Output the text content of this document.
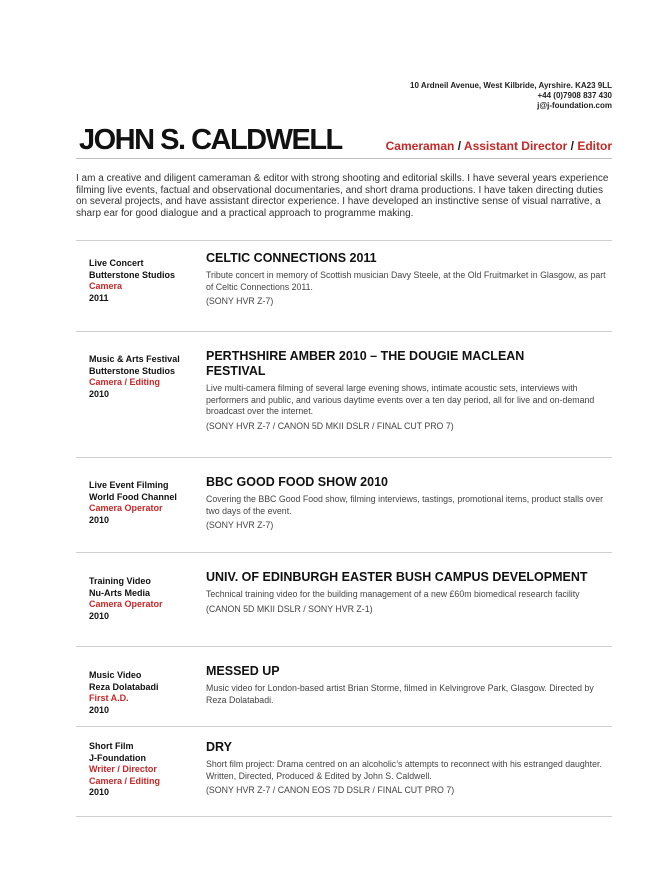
10 Ardneil Avenue, West Kilbride, Ayrshire. KA23 9LL
+44 (0)7908 837 430
j@j-foundation.com
JOHN S. CALDWELL	Cameraman / Assistant Director / Editor
I am a creative and diligent cameraman & editor with strong shooting and editorial skills. I have several years experience filming live events, factual and observational documentaries, and short drama productions. I have taken directing duties on several projects, and have assistant director experience. I have developed an instinctive sense of visual narrative, a sharp ear for good dialogue and a practical approach to programme making.
Live Concert
Butterstone Studios
Camera
2011
CELTIC CONNECTIONS 2011
Tribute concert in memory of Scottish musician Davy Steele, at the Old Fruitmarket in Glasgow, as part of Celtic Connections 2011.
(SONY HVR Z-7)
Music & Arts Festival
Butterstone Studios
Camera / Editing
2010
PERTHSHIRE AMBER 2010 – THE DOUGIE MACLEAN FESTIVAL
Live multi-camera filming of several large evening shows, intimate acoustic sets, interviews with performers and public, and various daytime events over a ten day period, all for live and on-demand broadcast over the internet.
(SONY HVR Z-7 / CANON 5D MKII DSLR / FINAL CUT PRO 7)
Live Event Filming
World Food Channel
Camera Operator
2010
BBC GOOD FOOD SHOW 2010
Covering the BBC Good Food show, filming interviews, tastings, promotional items, product stalls over two days of the event.
(SONY HVR Z-7)
Training Video
Nu-Arts Media
Camera Operator
2010
UNIV. OF EDINBURGH EASTER BUSH CAMPUS DEVELOPMENT
Technical training video for the building management of a new £60m biomedical research facility
(CANON 5D MKII DSLR / SONY HVR Z-1)
Music Video
Reza Dolatabadi
First A.D.
2010
MESSED UP
Music video for London-based artist Brian Storme, filmed in Kelvingrove Park, Glasgow. Directed by Reza Dolatabadi.
Short Film
J-Foundation
Writer / Director
Camera / Editing
2010
DRY
Short film project: Drama centred on an alcoholic’s attempts to reconnect with his estranged daughter. Written, Directed, Produced & Edited by John S. Caldwell.
(SONY HVR Z-7 / CANON EOS 7D DSLR / FINAL CUT PRO 7)
